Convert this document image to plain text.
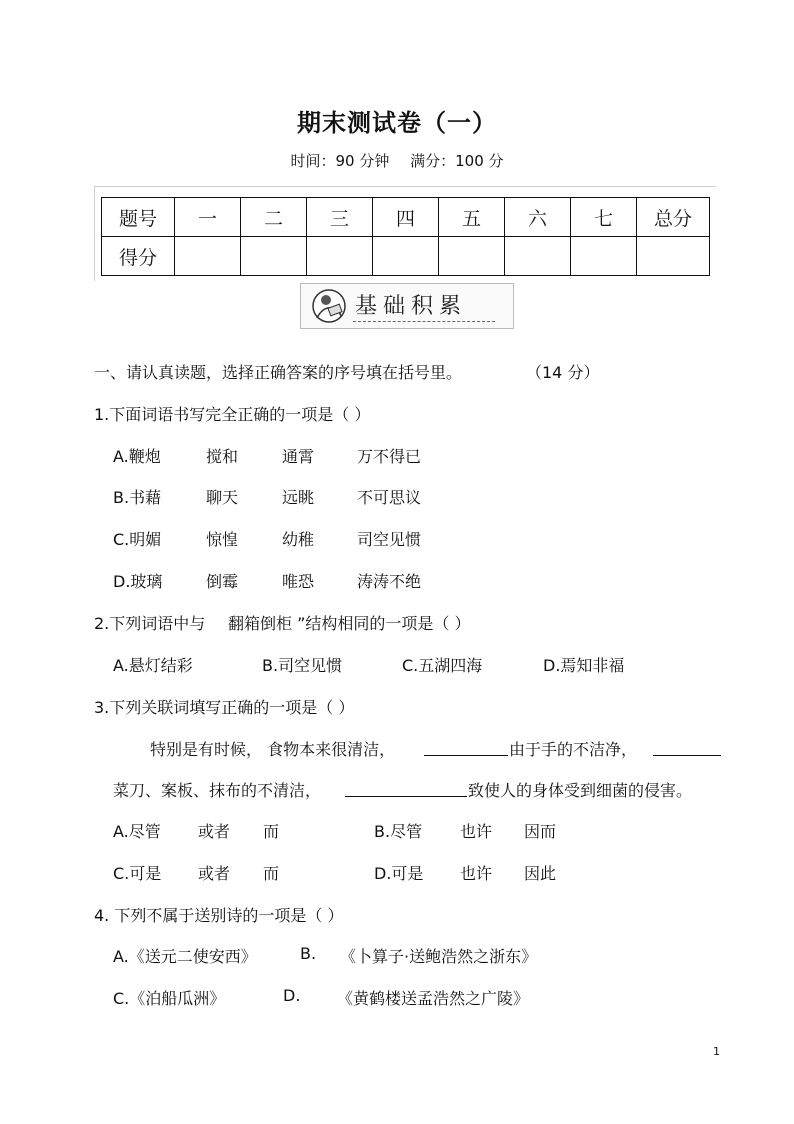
期末测试卷（一）
时间：90 分钟 满分：100 分
题号	一	二	三	四	五	六	七	总分
得分								
基础积累
一、请认真读题，选择正确答案的序号填在括号里。	（14 分）
1.下面词语书写完全正确的一项是（ ）
A.鞭炮	搅和	通霄	万不得已
B.书藉	聊天	远眺	不可思议
C.明媚	惊惶	幼稚	司空见惯
D.玻璃	倒霉	唯恐	涛涛不绝
2.下列词语中与 翻箱倒柜 ”结构相同的一项是（ ）
A.悬灯结彩	B.司空见惯	C.五湖四海	D.焉知非福
3.下列关联词填写正确的一项是（ ）
特别是有时候， 食物本来很清洁，	由于手的不洁净，
菜刀、案板、抹布的不清洁，	致使人的身体受到细菌的侵害。
A.尽管 或者 而	B.尽管 也许 因而
C.可是 或者 而	D.可是 也许 因此
4. 下列不属于送别诗的一项是（ ）
A.《送元二使安西》	B. 《卜算子·送鲍浩然之浙东》
C.《泊船瓜洲》	D. 《黄鹤楼送孟浩然之广陵》
1
